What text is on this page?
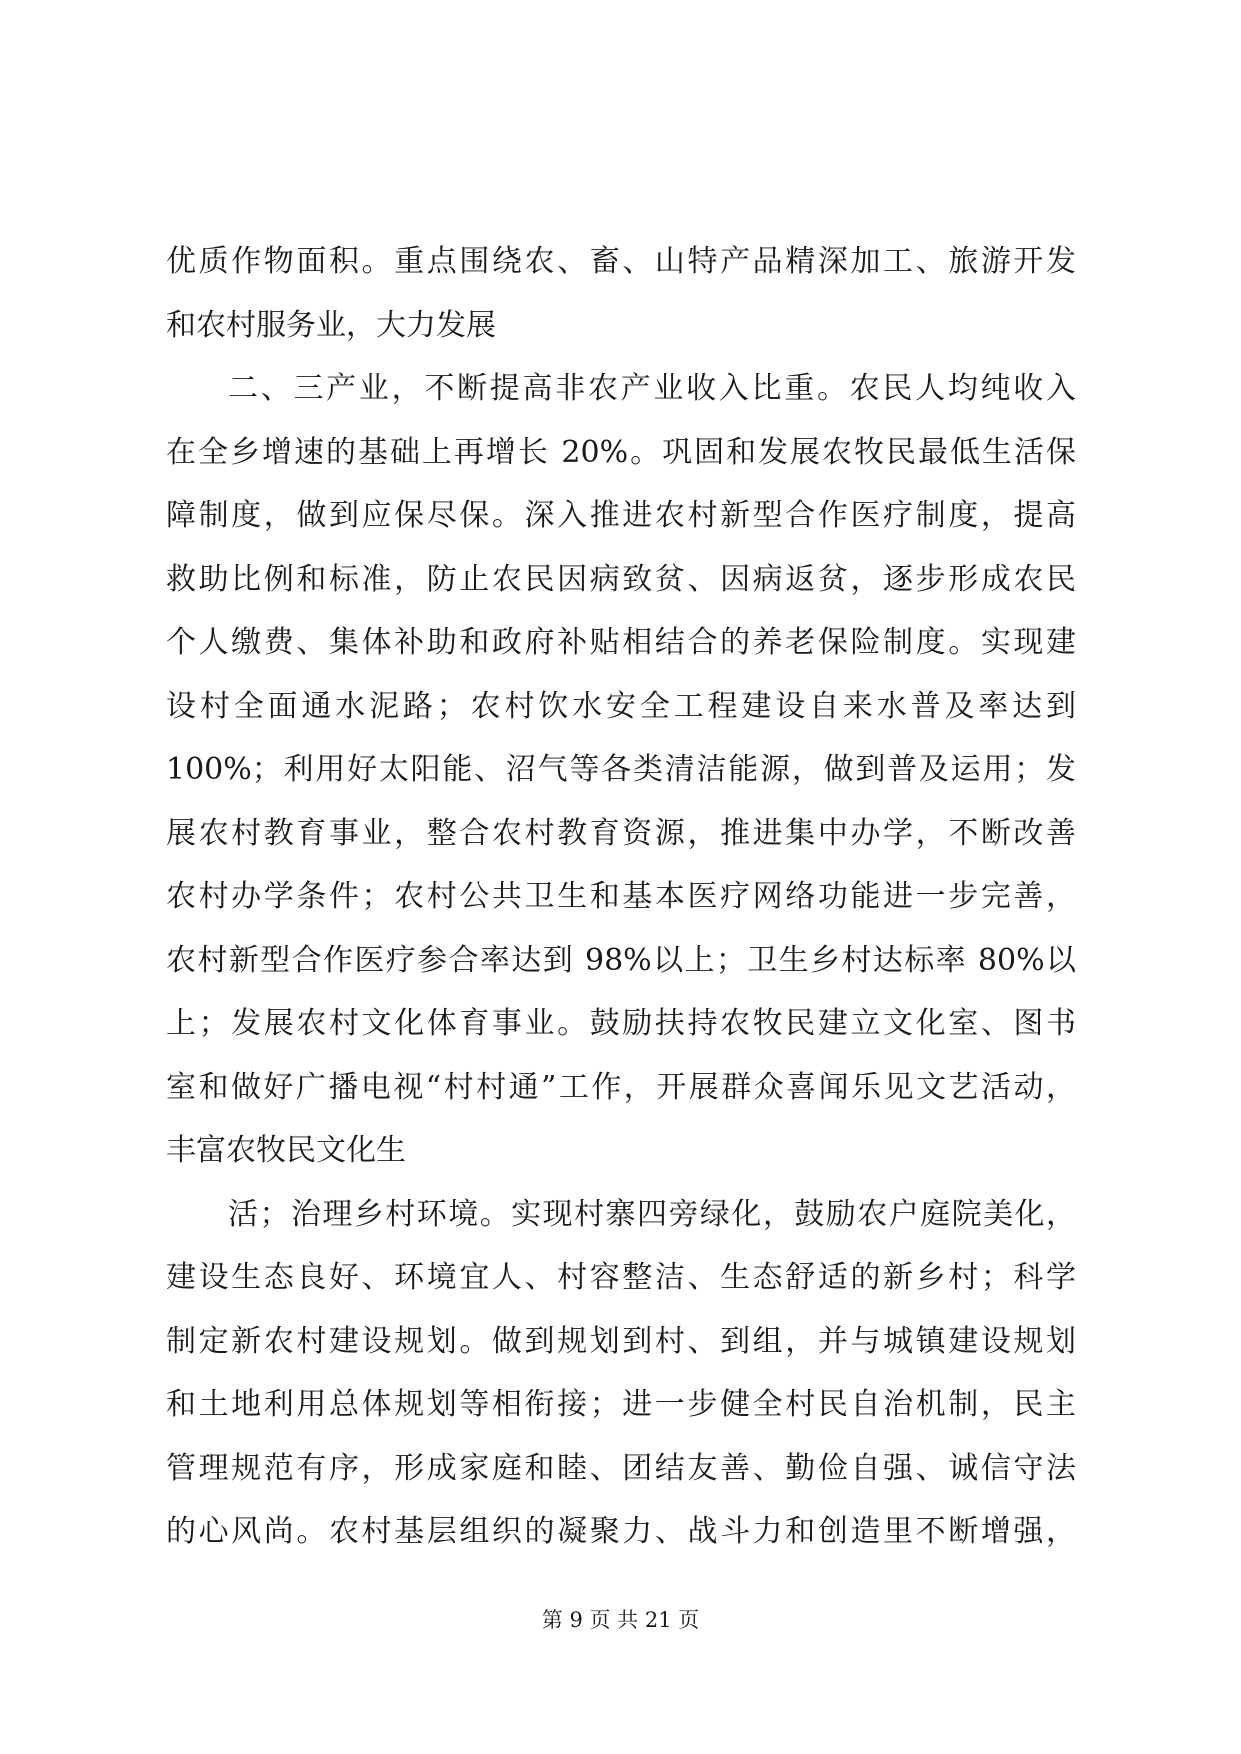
优质作物面积。重点围绕农、畜、山特产品精深加工、旅游开发
和农村服务业，大力发展
二、三产业，不断提高非农产业收入比重。农民人均纯收入
在全乡增速的基础上再增长 20%。巩固和发展农牧民最低生活保
障制度，做到应保尽保。深入推进农村新型合作医疗制度，提高
救助比例和标准，防止农民因病致贫、因病返贫，逐步形成农民
个人缴费、集体补助和政府补贴相结合的养老保险制度。实现建
设村全面通水泥路；农村饮水安全工程建设自来水普及率达到
100%；利用好太阳能、沼气等各类清洁能源，做到普及运用；发
展农村教育事业，整合农村教育资源，推进集中办学，不断改善
农村办学条件；农村公共卫生和基本医疗网络功能进一步完善，
农村新型合作医疗参合率达到 98%以上；卫生乡村达标率 80%以
上；发展农村文化体育事业。鼓励扶持农牧民建立文化室、图书
室和做好广播电视“村村通”工作，开展群众喜闻乐见文艺活动，
丰富农牧民文化生
活；治理乡村环境。实现村寨四旁绿化，鼓励农户庭院美化，
建设生态良好、环境宜人、村容整洁、生态舒适的新乡村；科学
制定新农村建设规划。做到规划到村、到组，并与城镇建设规划
和土地利用总体规划等相衔接；进一步健全村民自治机制，民主
管理规范有序，形成家庭和睦、团结友善、勤俭自强、诚信守法
的心风尚。农村基层组织的凝聚力、战斗力和创造里不断增强，
第 9 页 共 21 页
